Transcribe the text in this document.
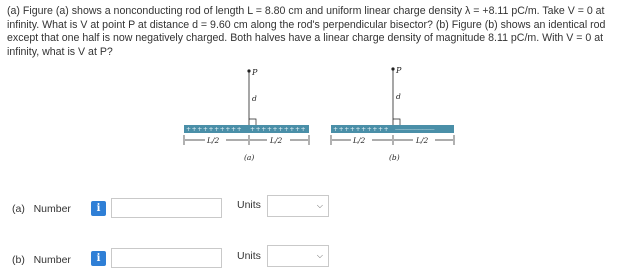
(a) Figure (a) shows a nonconducting rod of length L = 8.80 cm and uniform linear charge density λ = +8.11 pC/m. Take V = 0 at infinity. What is V at point P at distance d = 9.60 cm along the rod's perpendicular bisector? (b) Figure (b) shows an identical rod except that one half is now negatively charged. Both halves have a linear charge density of magnitude 8.11 pC/m. With V = 0 at infinity, what is V at P?
P
d
++++++++++ ++++++++++
L/2	L/2
(a)
P
d
++++++++++ ——————————
L/2	L/2
(b)
(a)   Number	i	Units	⌵
(b)   Number	i	Units	⌵
